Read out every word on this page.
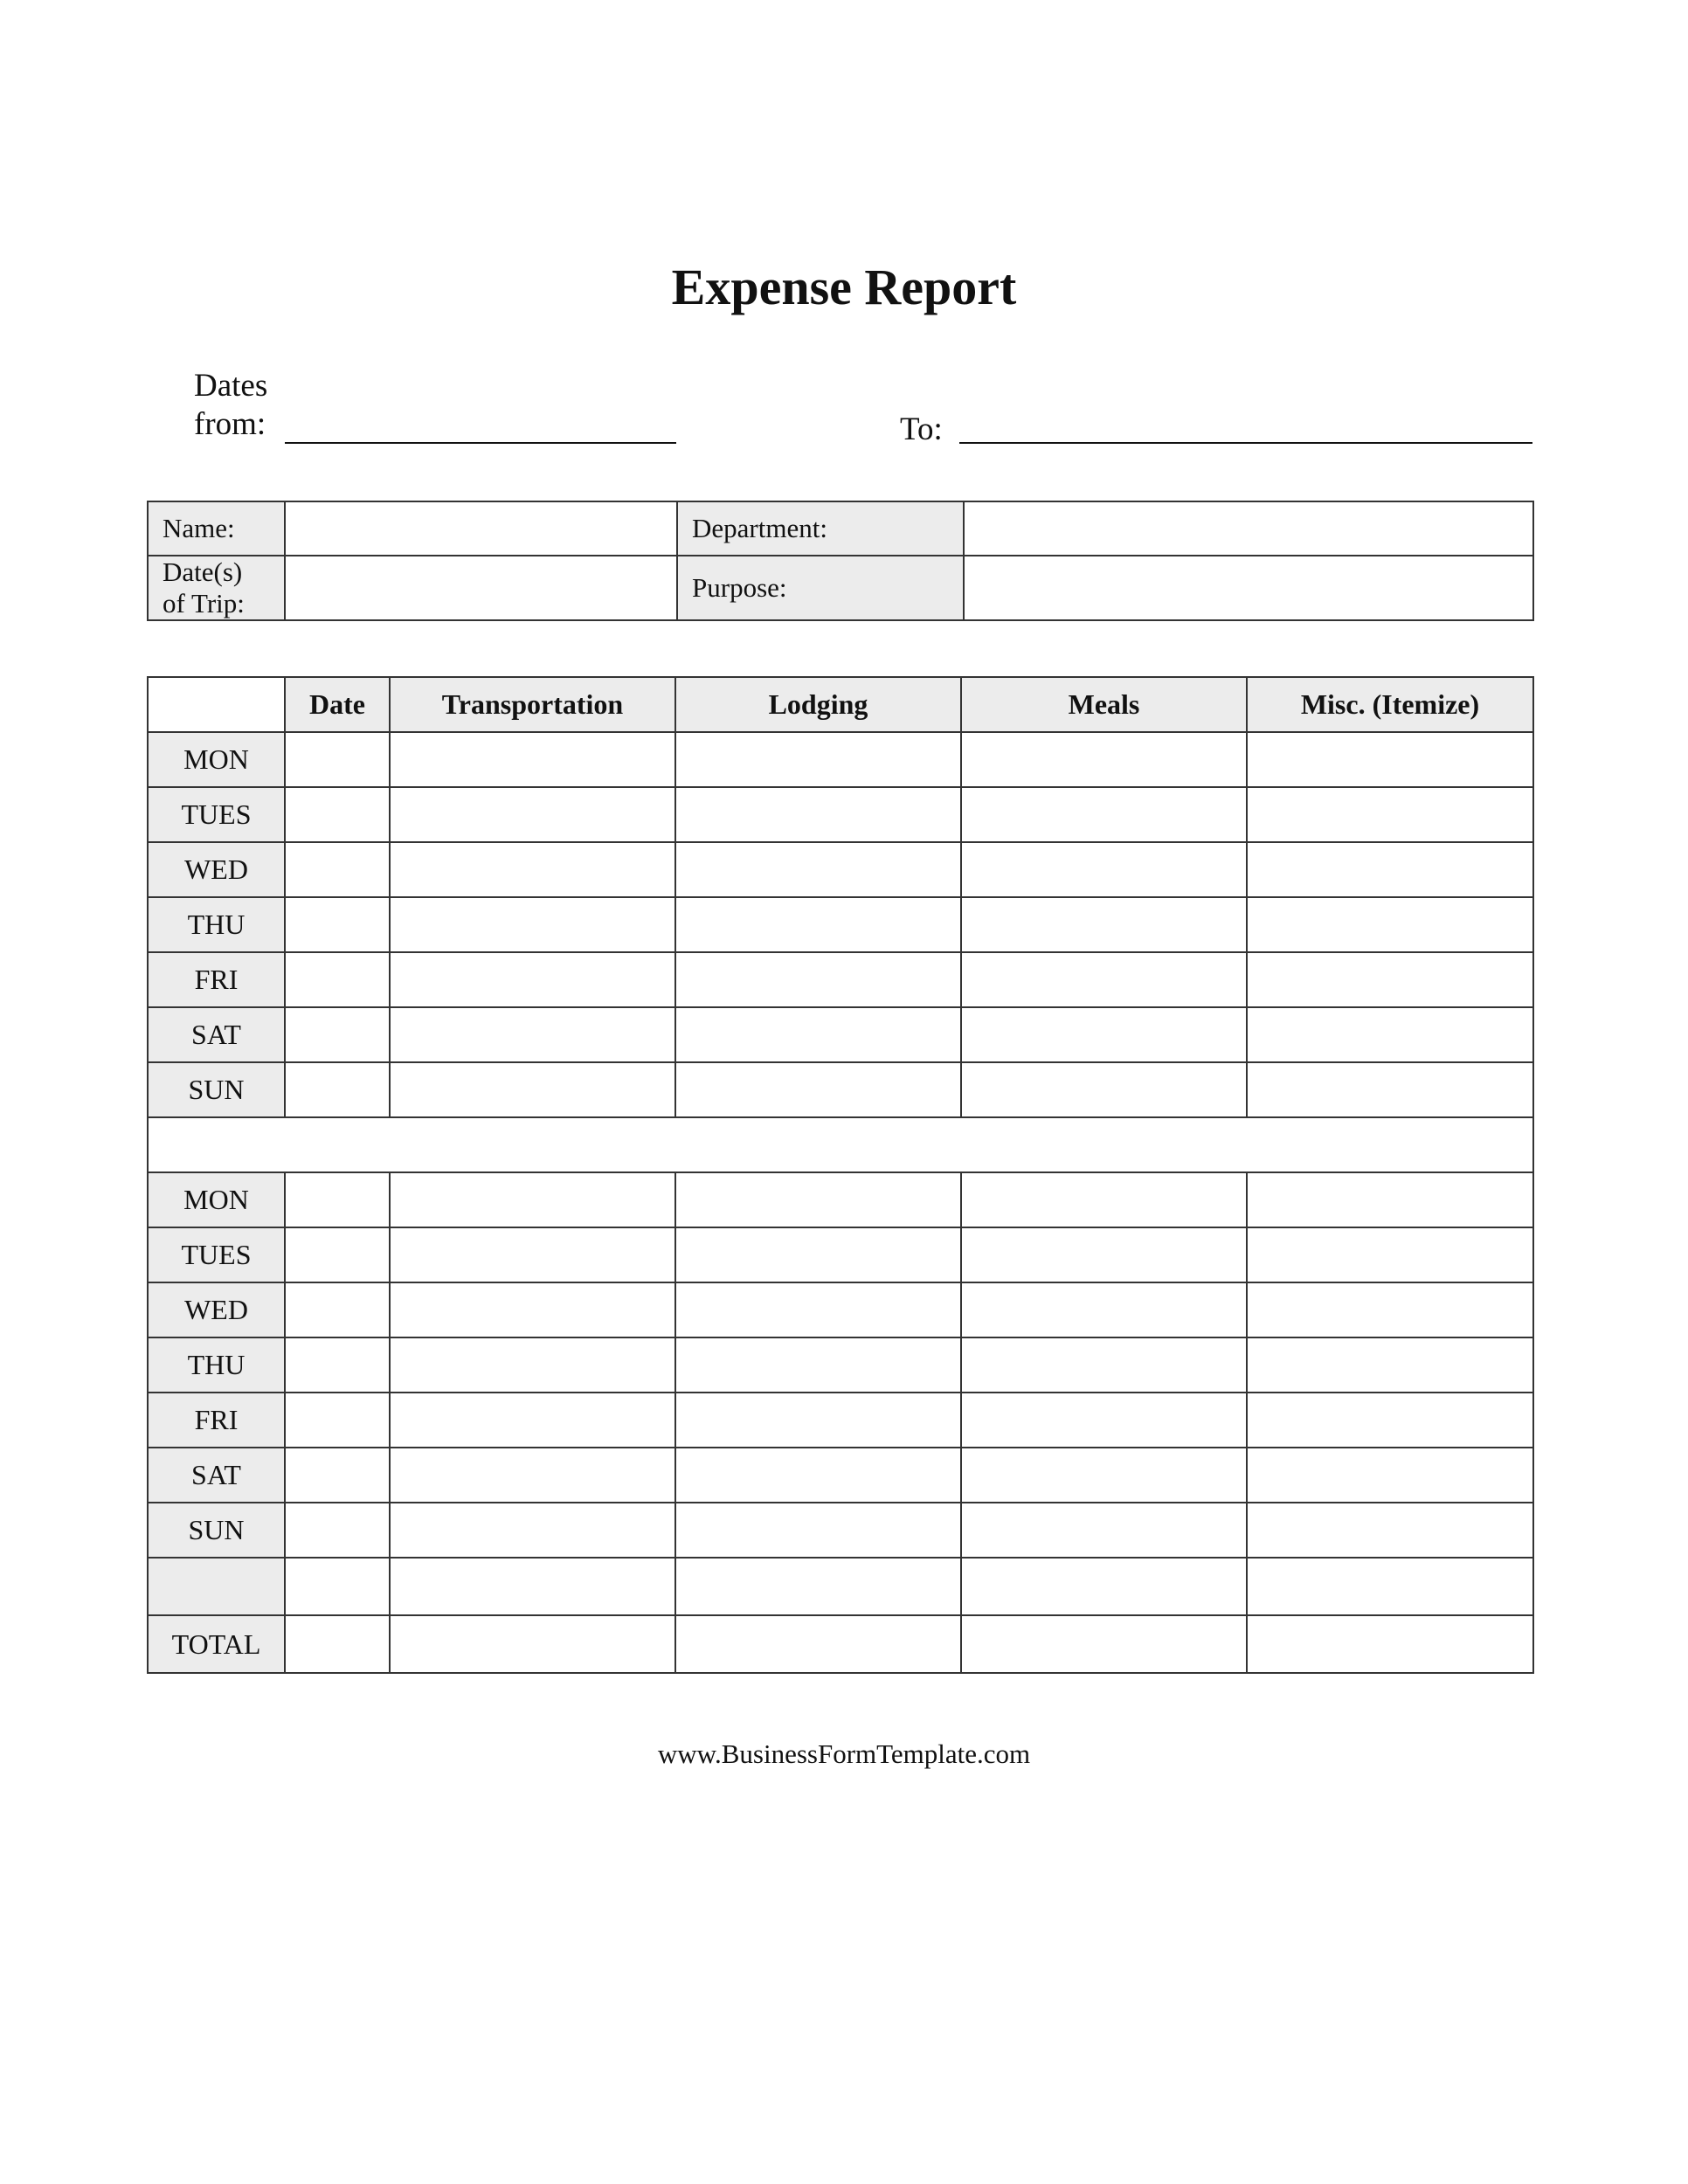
Expense Report
Dates
from:	To:
Name:		Department:	

Date(s)
of Trip:		Purpose:	
	Date	Transportation	Lodging	Meals	Misc. (Itemize)
MON					
TUES					
WED					
THU					
FRI					
SAT					
SUN					

MON					
TUES					
WED					
THU					
FRI					
SAT					
SUN					

TOTAL					
www.BusinessFormTemplate.com
